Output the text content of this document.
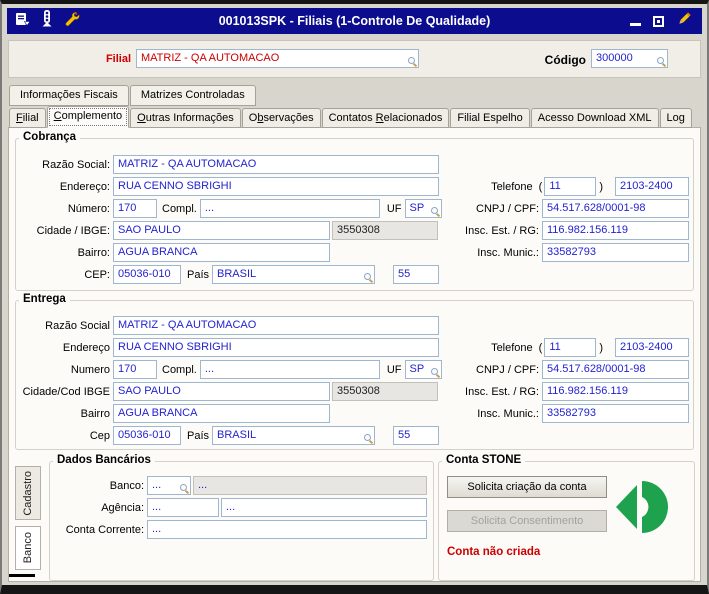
001013SPK - Filiais (1-Controle De Qualidade)
Filial MATRIZ - QA AUTOMACAO	Código 300000
Informações Fiscais	Matrizes Controladas
Filial	Complemento	Outras Informações	Observações	Contatos Relacionados	Filial Espelho	Acesso Download XML	Log
Cobrança
Razão Social: MATRIZ - QA AUTOMACAO
Endereço: RUA CENNO SBRIGHI
Número: 170	Compl. ...	UF SP
Cidade / IBGE: SAO PAULO	3550308
Bairro: AGUA BRANCA
CEP: 05036-010	País BRASIL	55
Telefone ( 11	) 2103-2400
CNPJ / CPF: 54.517.628/0001-98
Insc. Est. / RG: 116.982.156.119
Insc. Munic.: 33582793
Entrega
Razão Social MATRIZ - QA AUTOMACAO
Endereço RUA CENNO SBRIGHI
Numero 170	Compl. ...	UF SP
Cidade/Cod IBGE SAO PAULO	3550308
Bairro AGUA BRANCA
Cep 05036-010	País BRASIL	55
Telefone ( 11	) 2103-2400
CNPJ / CPF: 54.517.628/0001-98
Insc. Est. / RG: 116.982.156.119
Insc. Munic.: 33582793
Cadastro
Banco
Dados Bancários
Banco: ...	...
Agência: ...	...
Conta Corrente: ...
Conta STONE
Solicita criação da conta
Solicita Consentimento
Conta não criada
